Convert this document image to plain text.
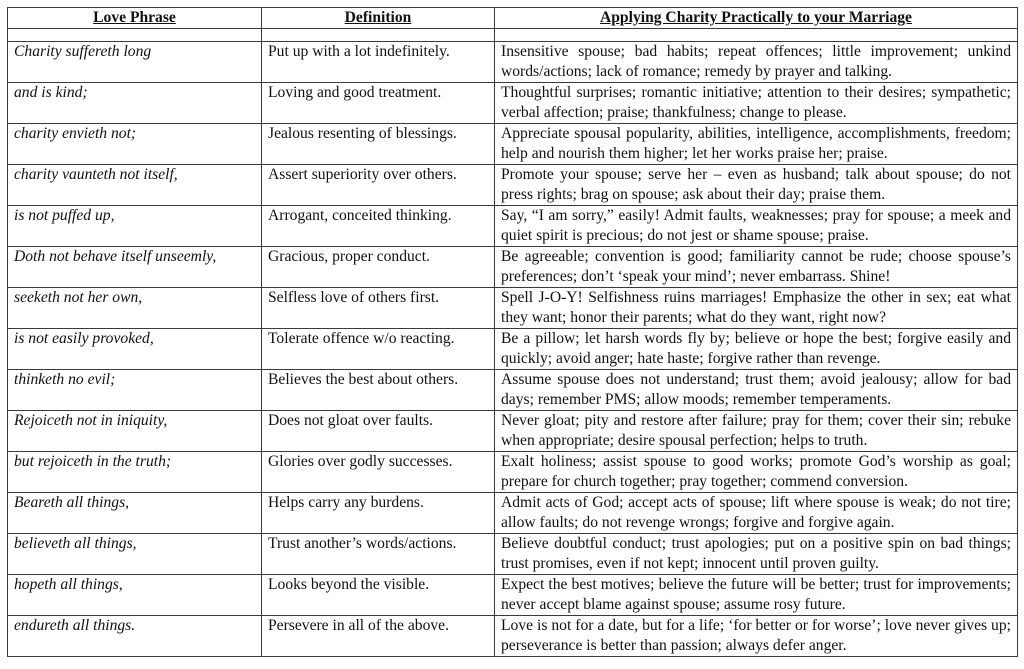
Love Phrase	Definition	Applying Charity Practically to your Marriage

Charity suffereth long	Put up with a lot indefinitely.	Insensitive spouse; bad habits; repeat offences; little improvement; unkind words/actions; lack of romance; remedy by prayer and talking.
and is kind;	Loving and good treatment.	Thoughtful surprises; romantic initiative; attention to their desires; sympathetic; verbal affection; praise; thankfulness; change to please.
charity envieth not;	Jealous resenting of blessings.	Appreciate spousal popularity, abilities, intelligence, accomplishments, freedom; help and nourish them higher; let her works praise her; praise.
charity vaunteth not itself,	Assert superiority over others.	Promote your spouse; serve her – even as husband; talk about spouse; do not press rights; brag on spouse; ask about their day; praise them.
is not puffed up,	Arrogant, conceited thinking.	Say, “I am sorry,” easily! Admit faults, weaknesses; pray for spouse; a meek and quiet spirit is precious; do not jest or shame spouse; praise.
Doth not behave itself unseemly,	Gracious, proper conduct.	Be agreeable; convention is good; familiarity cannot be rude; choose spouse’s preferences; don’t ‘speak your mind’; never embarrass. Shine!
seeketh not her own,	Selfless love of others first.	Spell J-O-Y! Selfishness ruins marriages! Emphasize the other in sex; eat what they want; honor their parents; what do they want, right now?
is not easily provoked,	Tolerate offence w/o reacting.	Be a pillow; let harsh words fly by; believe or hope the best; forgive easily and quickly; avoid anger; hate haste; forgive rather than revenge.
thinketh no evil;	Believes the best about others.	Assume spouse does not understand; trust them; avoid jealousy; allow for bad days; remember PMS; allow moods; remember temperaments.
Rejoiceth not in iniquity,	Does not gloat over faults.	Never gloat; pity and restore after failure; pray for them; cover their sin; rebuke when appropriate; desire spousal perfection; helps to truth.
but rejoiceth in the truth;	Glories over godly successes.	Exalt holiness; assist spouse to good works; promote God’s worship as goal; prepare for church together; pray together; commend conversion.
Beareth all things,	Helps carry any burdens.	Admit acts of God; accept acts of spouse; lift where spouse is weak; do not tire; allow faults; do not revenge wrongs; forgive and forgive again.
believeth all things,	Trust another’s words/actions.	Believe doubtful conduct; trust apologies; put on a positive spin on bad things; trust promises, even if not kept; innocent until proven guilty.
hopeth all things,	Looks beyond the visible.	Expect the best motives; believe the future will be better; trust for improvements; never accept blame against spouse; assume rosy future.
endureth all things.	Persevere in all of the above.	Love is not for a date, but for a life; ‘for better or for worse’; love never gives up; perseverance is better than passion; always defer anger.
